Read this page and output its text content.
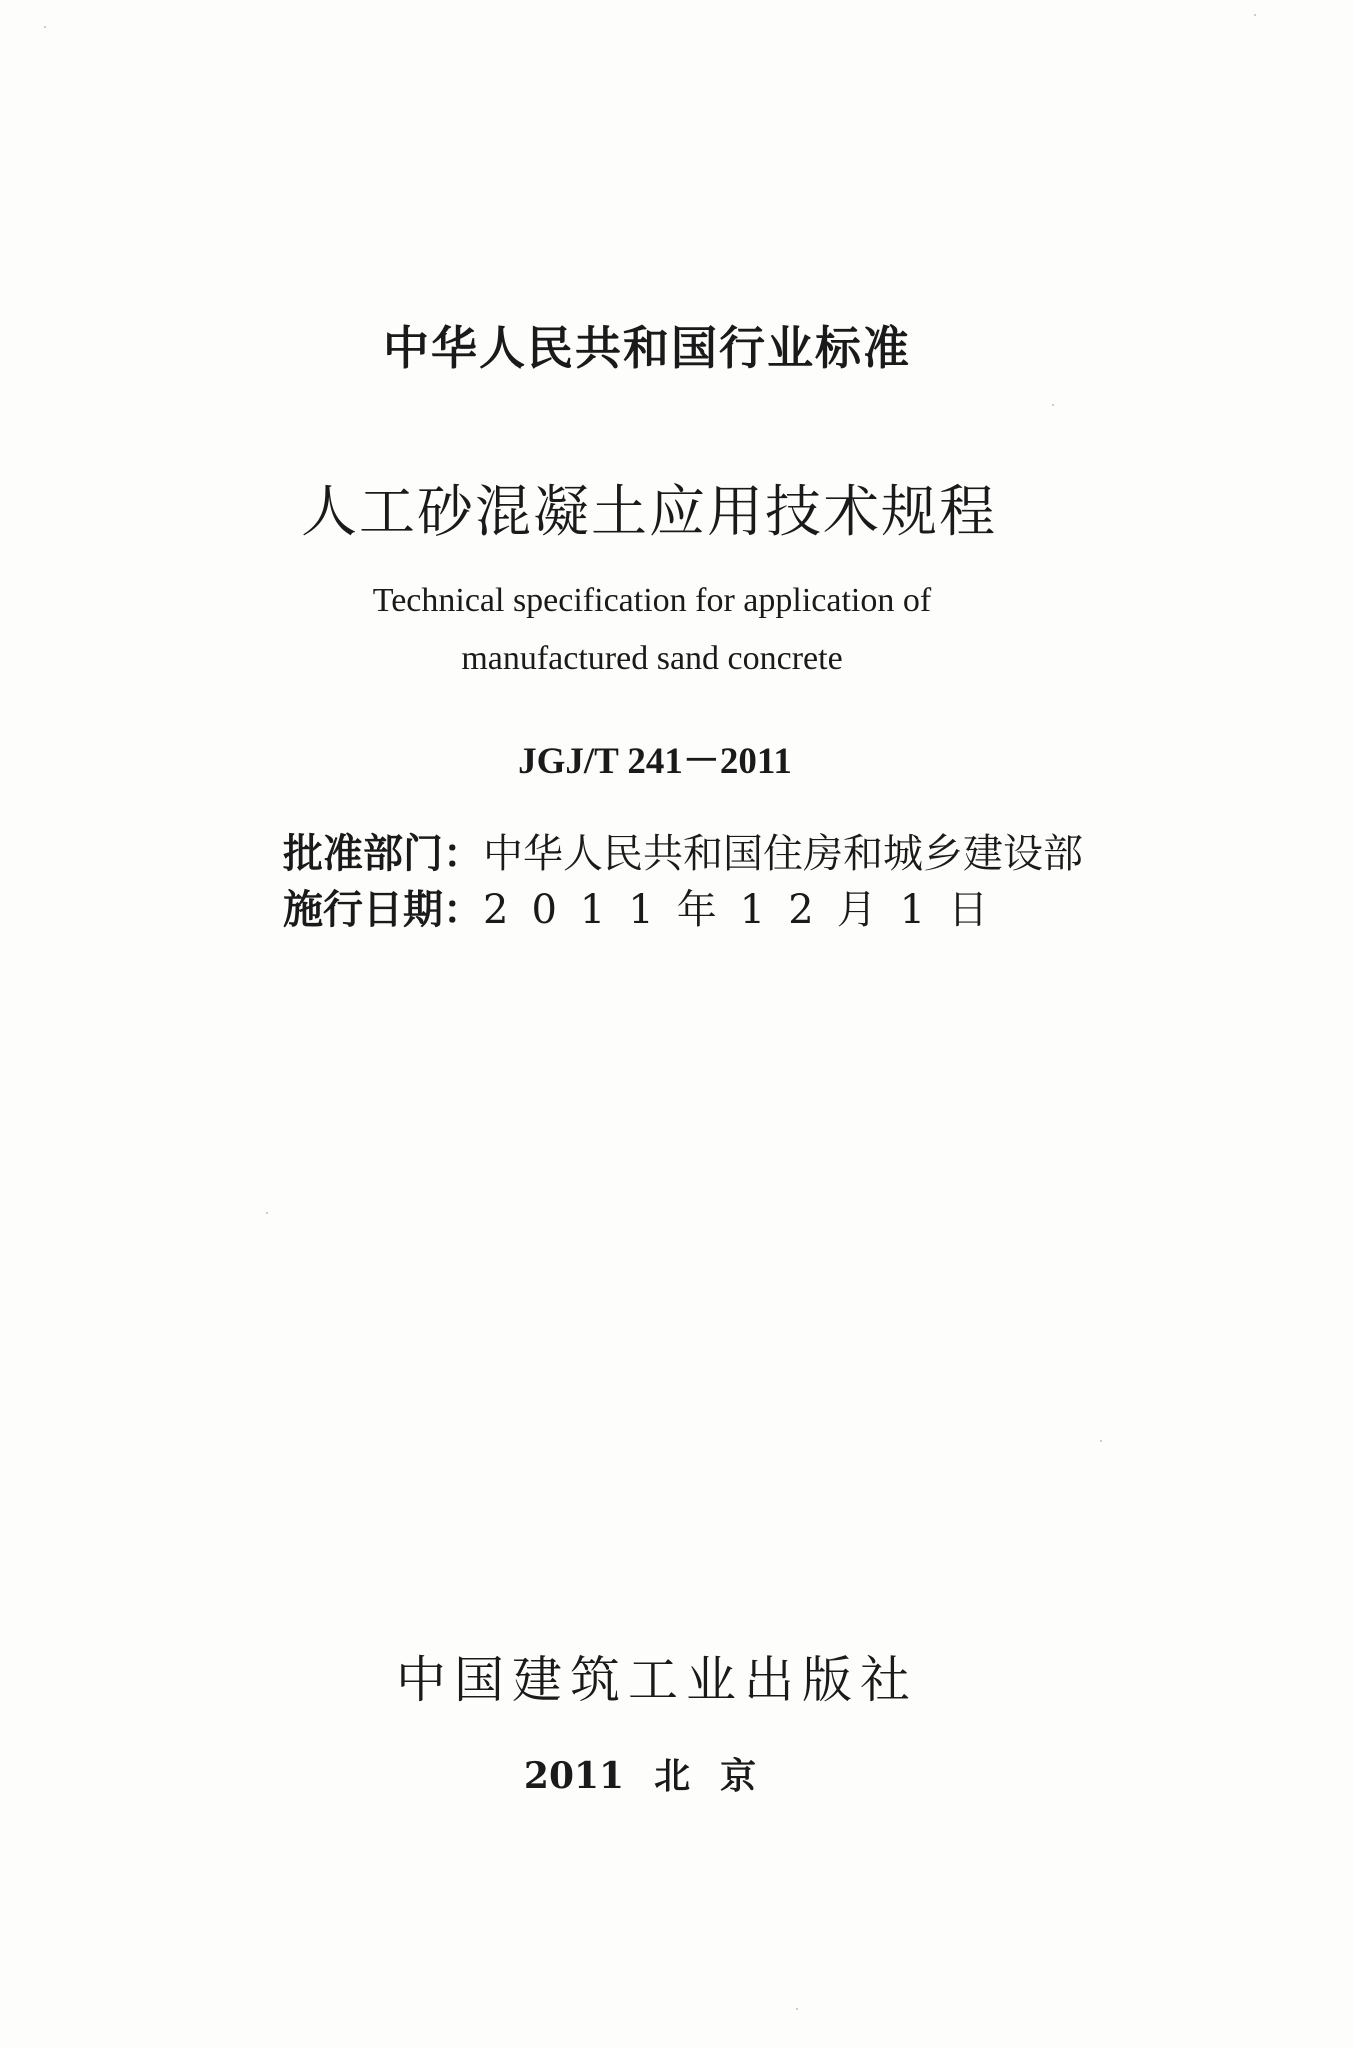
中华人民共和国行业标准
人工砂混凝土应用技术规程
Technical specification for application of
manufactured sand concrete
JGJ/T 241－2011
批准部门：中华人民共和国住房和城乡建设部
施行日期：2011年12月1日
中国建筑工业出版社
2011 北京
